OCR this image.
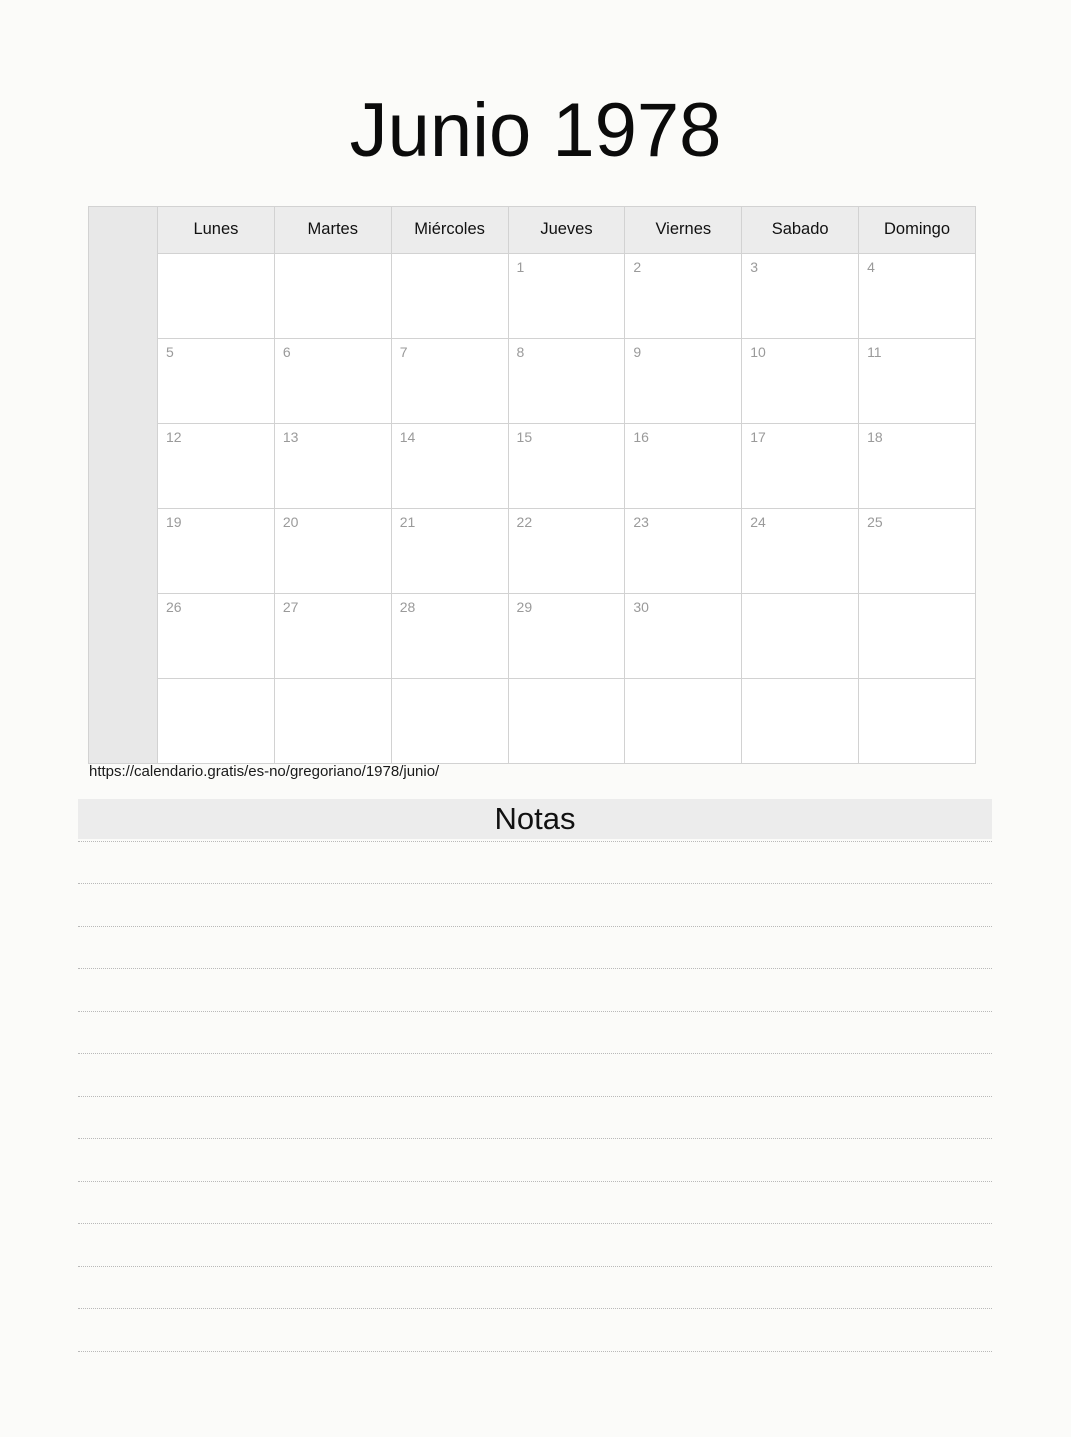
Junio 1978
	Lunes	Martes	Miércoles	Jueves	Viernes	Sabado	Domingo

				1	2	3	4

	5	6	7	8	9	10	11

	12	13	14	15	16	17	18

	19	20	21	22	23	24	25

	26	27	28	29	30		

https://calendario.gratis/es-no/gregoriano/1978/junio/
Notas
